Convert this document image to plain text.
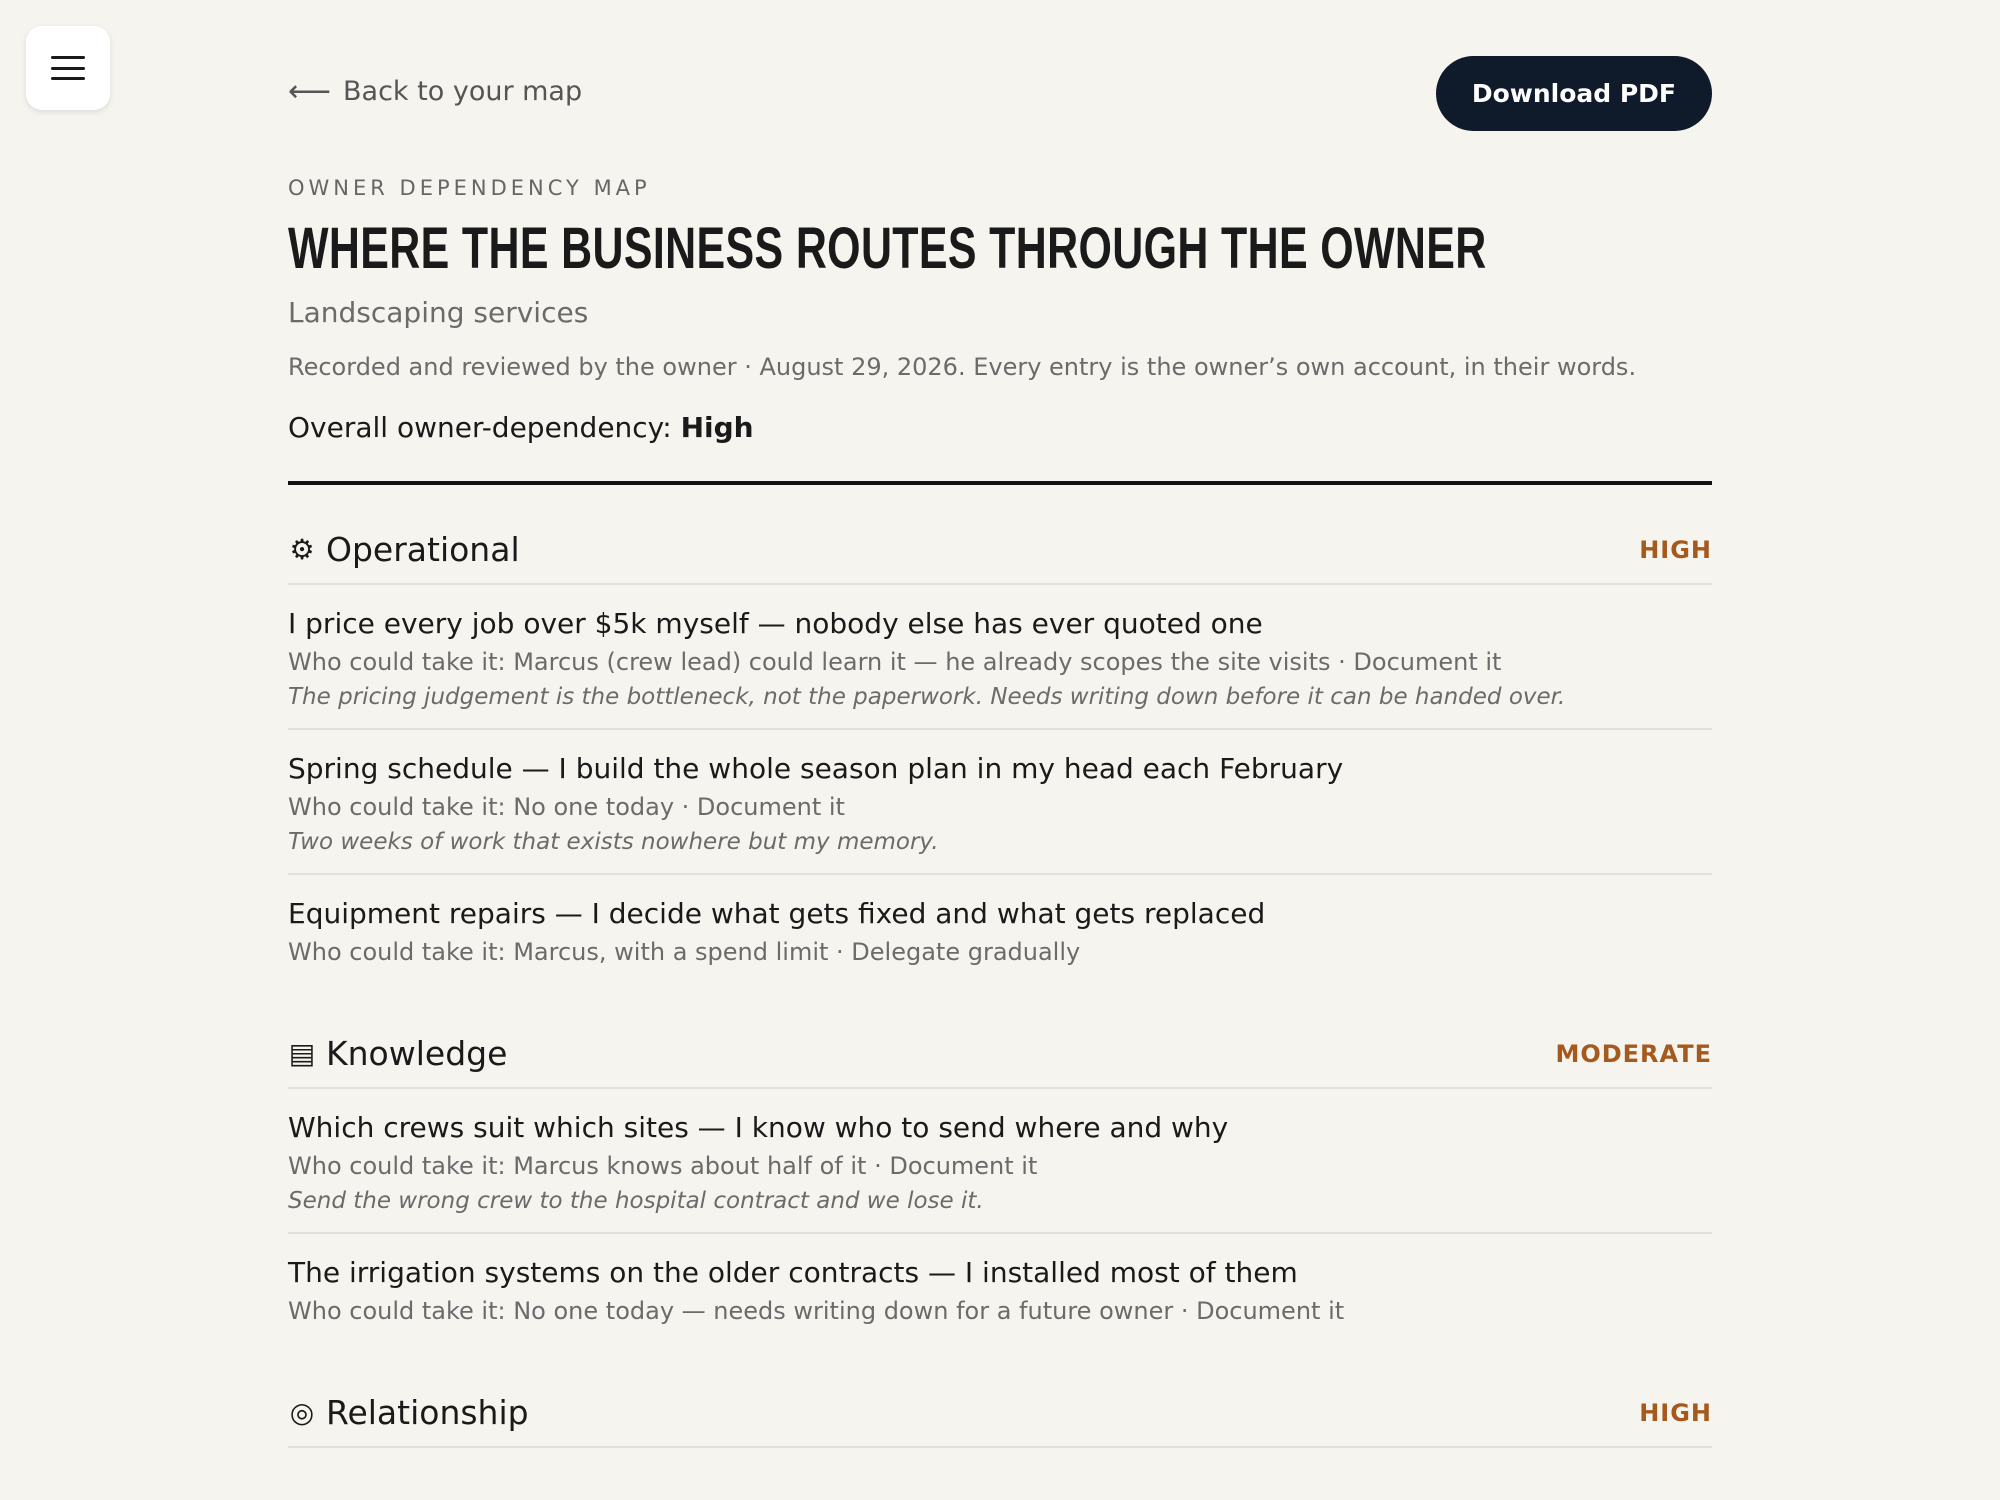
⟵ Back to your map	Download PDF
OWNER DEPENDENCY MAP
WHERE THE BUSINESS ROUTES THROUGH THE OWNER
Landscaping services
Recorded and reviewed by the owner · August 29, 2026. Every entry is the owner’s own account, in their words.
Overall owner-dependency: High
⚙ Operational	HIGH
I price every job over $5k myself — nobody else has ever quoted one
Who could take it: Marcus (crew lead) could learn it — he already scopes the site visits · Document it
The pricing judgement is the bottleneck, not the paperwork. Needs writing down before it can be handed over.
Spring schedule — I build the whole season plan in my head each February
Who could take it: No one today · Document it
Two weeks of work that exists nowhere but my memory.
Equipment repairs — I decide what gets fixed and what gets replaced
Who could take it: Marcus, with a spend limit · Delegate gradually
▤ Knowledge	MODERATE
Which crews suit which sites — I know who to send where and why
Who could take it: Marcus knows about half of it · Document it
Send the wrong crew to the hospital contract and we lose it.
The irrigation systems on the older contracts — I installed most of them
Who could take it: No one today — needs writing down for a future owner · Document it
◎ Relationship	HIGH
